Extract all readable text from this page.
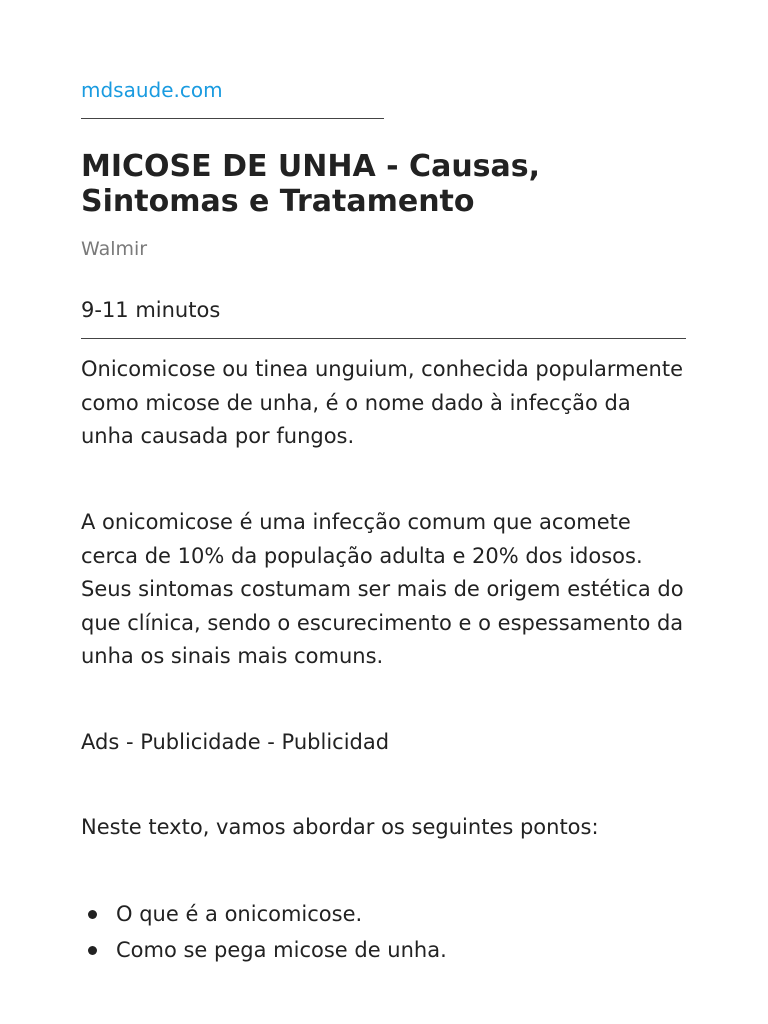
mdsaude.com
MICOSE DE UNHA - Causas, Sintomas e Tratamento
Walmir
9-11 minutos

Onicomicose ou tinea unguium, conhecida popularmente como micose de unha, é o nome dado à infecção da unha causada por fungos.

A onicomicose é uma infecção comum que acomete cerca de 10% da população adulta e 20% dos idosos. Seus sintomas costumam ser mais de origem estética do que clínica, sendo o escurecimento e o espessamento da unha os sinais mais comuns.

Ads - Publicidade - Publicidad

Neste texto, vamos abordar os seguintes pontos:

O que é a onicomicose.
Como se pega micose de unha.
